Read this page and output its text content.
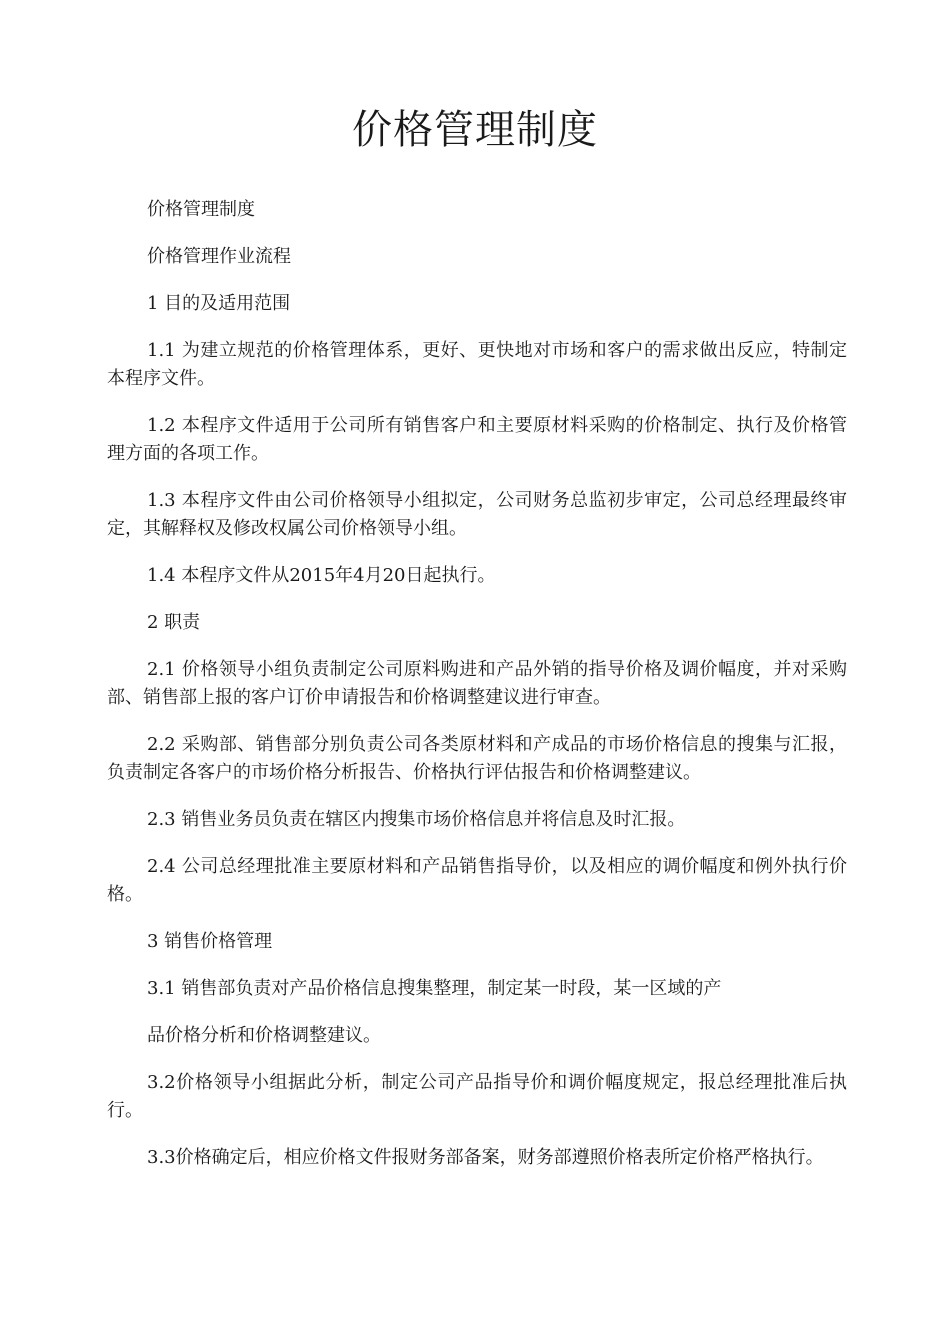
价格管理制度

价格管理制度

价格管理作业流程

1 目的及适用范围

1.1 为建立规范的价格管理体系，更好、更快地对市场和客户的需求做出反应，特制定本程序文件。

1.2 本程序文件适用于公司所有销售客户和主要原材料采购的价格制定、执行及价格管理方面的各项工作。

1.3 本程序文件由公司价格领导小组拟定，公司财务总监初步审定，公司总经理最终审定，其解释权及修改权属公司价格领导小组。

1.4 本程序文件从2015年4月20日起执行。

2 职责

2.1 价格领导小组负责制定公司原料购进和产品外销的指导价格及调价幅度，并对采购部、销售部上报的客户订价申请报告和价格调整建议进行审查。

2.2 采购部、销售部分别负责公司各类原材料和产成品的市场价格信息的搜集与汇报，负责制定各客户的市场价格分析报告、价格执行评估报告和价格调整建议。

2.3 销售业务员负责在辖区内搜集市场价格信息并将信息及时汇报。

2.4 公司总经理批准主要原材料和产品销售指导价，以及相应的调价幅度和例外执行价格。

3 销售价格管理

3.1 销售部负责对产品价格信息搜集整理，制定某一时段，某一区域的产

品价格分析和价格调整建议。

3.2价格领导小组据此分析，制定公司产品指导价和调价幅度规定，报总经理批准后执行。

3.3价格确定后，相应价格文件报财务部备案，财务部遵照价格表所定价格严格执行。
